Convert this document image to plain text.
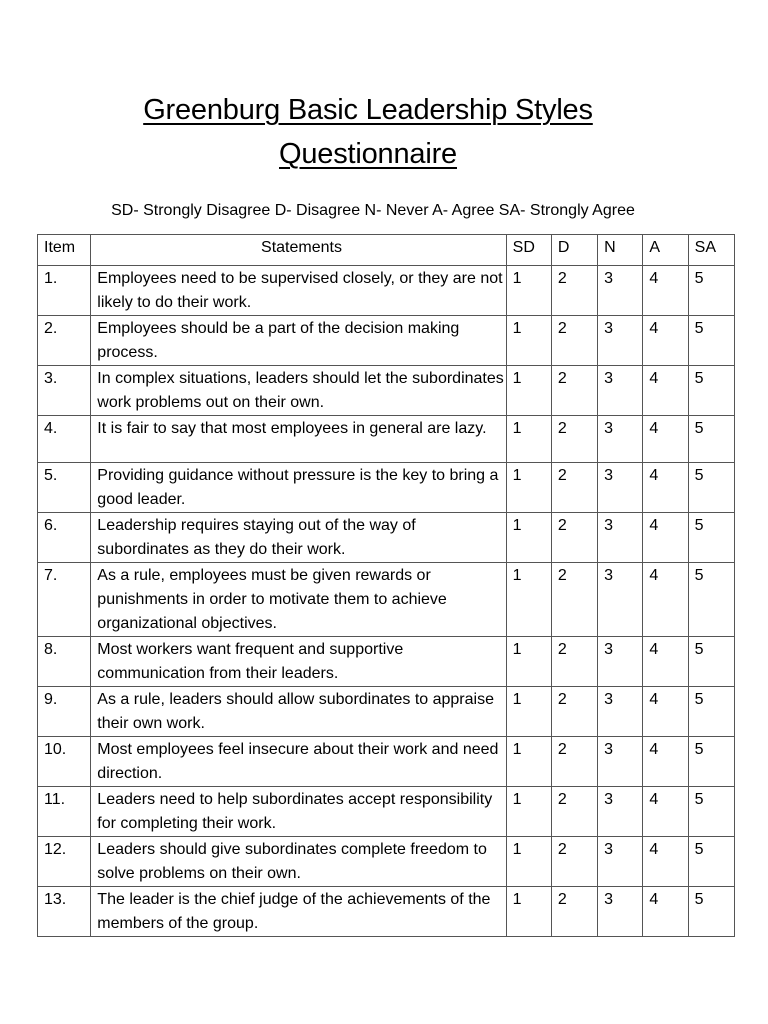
Greenburg Basic Leadership Styles
Questionnaire
SD- Strongly Disagree D- Disagree N- Never A- Agree SA- Strongly Agree
Item	Statements	SD	D	N	A	SA
1.	Employees need to be supervised closely, or they are not likely to do their work.	1	2	3	4	5
2.	Employees should be a part of the decision making process.	1	2	3	4	5
3.	In complex situations, leaders should let the subordinates work problems out on their own.	1	2	3	4	5
4.	It is fair to say that most employees in general are lazy.	1	2	3	4	5
5.	Providing guidance without pressure is the key to bring a good leader.	1	2	3	4	5
6.	Leadership requires staying out of the way of subordinates as they do their work.	1	2	3	4	5
7.	As a rule, employees must be given rewards or punishments in order to motivate them to achieve organizational objectives.	1	2	3	4	5
8.	Most workers want frequent and supportive communication from their leaders.	1	2	3	4	5
9.	As a rule, leaders should allow subordinates to appraise their own work.	1	2	3	4	5
10.	Most employees feel insecure about their work and need direction.	1	2	3	4	5
11.	Leaders need to help subordinates accept responsibility for completing their work.	1	2	3	4	5
12.	Leaders should give subordinates complete freedom to solve problems on their own.	1	2	3	4	5
13.	The leader is the chief judge of the achievements of the members of the group.	1	2	3	4	5
